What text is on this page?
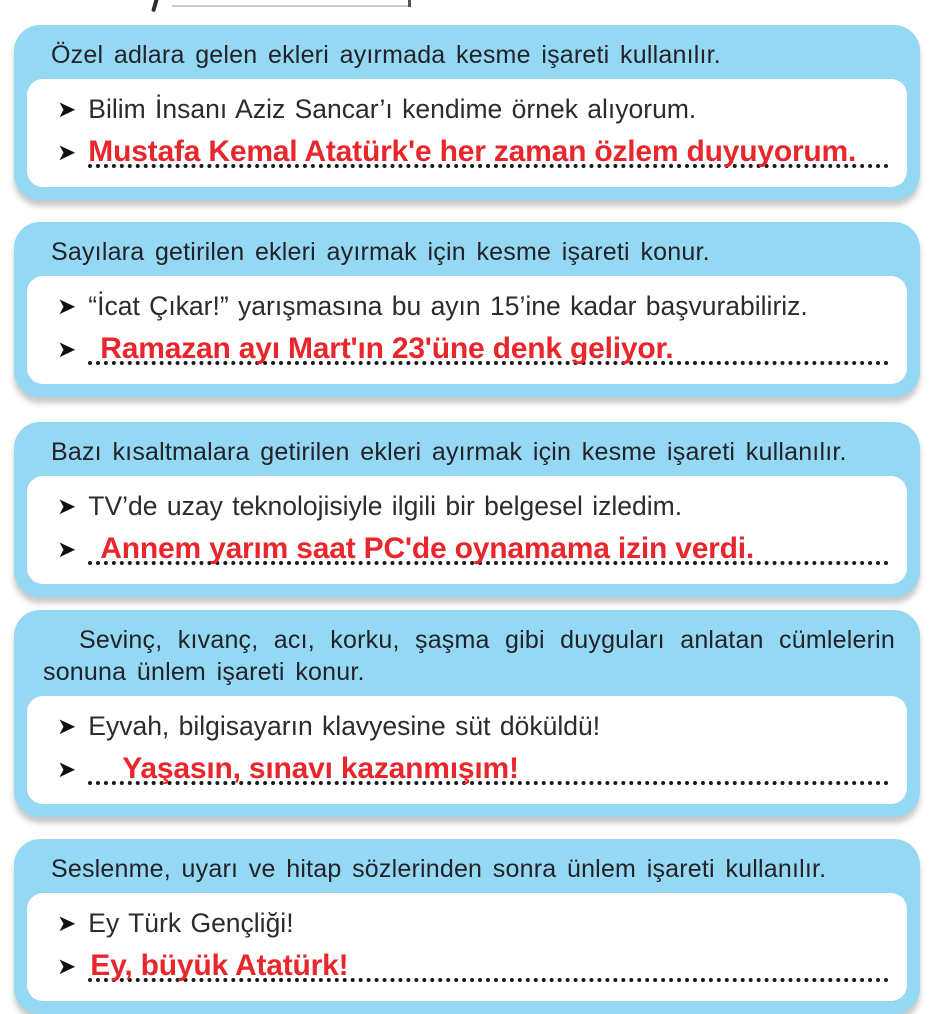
Özel adlara gelen ekleri ayırmada kesme işareti kullanılır.
➤ Bilim İnsanı Aziz Sancar’ı kendime örnek alıyorum.
➤ Mustafa Kemal Atatürk'e her zaman özlem duyuyorum.
Sayılara getirilen ekleri ayırmak için kesme işareti konur.
➤ “İcat Çıkar!” yarışmasına bu ayın 15’ine kadar başvurabiliriz.
➤ Ramazan ayı Mart'ın 23'üne denk geliyor.
Bazı kısaltmalara getirilen ekleri ayırmak için kesme işareti kullanılır.
➤ TV’de uzay teknolojisiyle ilgili bir belgesel izledim.
➤ Annem yarım saat PC'de oynamama izin verdi.
Sevinç, kıvanç, acı, korku, şaşma gibi duyguları anlatan cümlelerin sonuna ünlem işareti konur.
➤ Eyvah, bilgisayarın klavyesine süt döküldü!
➤	Yaşasın, sınavı kazanmışım!
Seslenme, uyarı ve hitap sözlerinden sonra ünlem işareti kullanılır.
➤ Ey Türk Gençliği!
➤ Ey, büyük Atatürk!
